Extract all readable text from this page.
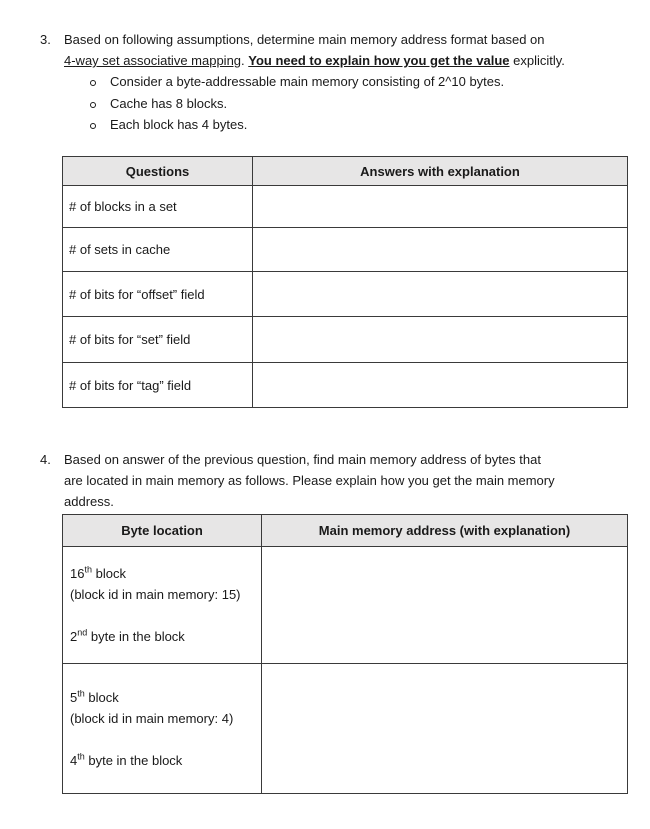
3. Based on following assumptions, determine main memory address format based on
4-way set associative mapping. You need to explain how you get the value explicitly.
Consider a byte-addressable main memory consisting of 2^10 bytes.
Cache has 8 blocks.
Each block has 4 bytes.
Questions	Answers with explanation

# of blocks in a set	

# of sets in cache	

# of bits for “offset” field	

# of bits for “set” field	

# of bits for “tag” field	

4. Based on answer of the previous question, find main memory address of bytes that
are located in main memory as follows. Please explain how you get the main memory
address.
Byte location	Main memory address (with explanation)

16th block
(block id in main memory: 15)
2nd byte in the block	

5th block
(block id in main memory: 4)
4th byte in the block	
